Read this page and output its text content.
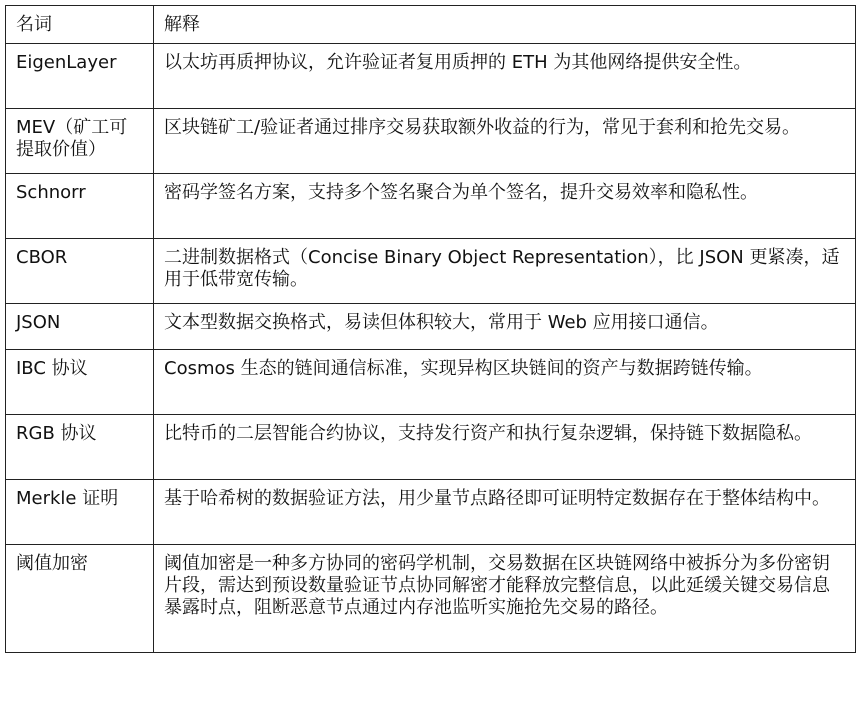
名词	解释
EigenLayer	以太坊再质押协议，允许验证者复用质押的 ETH 为其他网络提供安全性。
MEV（矿工可提取价值）	区块链矿工/验证者通过排序交易获取额外收益的行为，常见于套利和抢先交易。
Schnorr	密码学签名方案，支持多个签名聚合为单个签名，提升交易效率和隐私性。
CBOR	二进制数据格式（Concise Binary Object Representation），比 JSON 更紧凑，适用于低带宽传输。
JSON	文本型数据交换格式，易读但体积较大，常用于 Web 应用接口通信。
IBC 协议	Cosmos 生态的链间通信标准，实现异构区块链间的资产与数据跨链传输。
RGB 协议	比特币的二层智能合约协议，支持发行资产和执行复杂逻辑，保持链下数据隐私。
Merkle 证明	基于哈希树的数据验证方法，用少量节点路径即可证明特定数据存在于整体结构中。
阈值加密	阈值加密是一种多方协同的密码学机制，交易数据在区块链网络中被拆分为多份密钥片段，需达到预设数量验证节点协同解密才能释放完整信息，以此延缓关键交易信息暴露时点，阻断恶意节点通过内存池监听实施抢先交易的路径。
